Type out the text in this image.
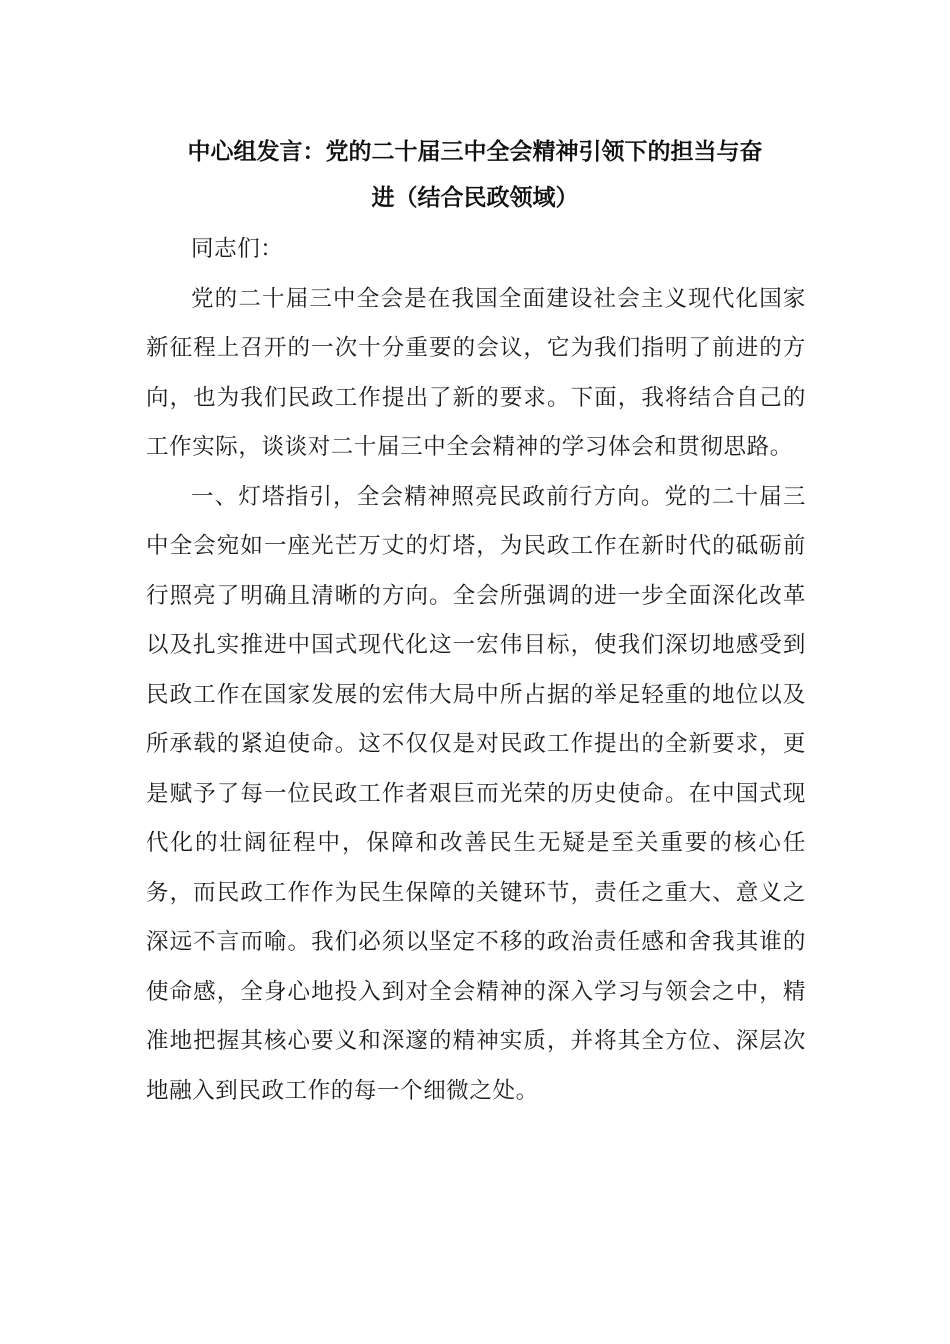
中心组发言：党的二十届三中全会精神引领下的担当与奋
进（结合民政领域）

同志们：

党的二十届三中全会是在我国全面建设社会主义现代化国家新征程上召开的一次十分重要的会议，它为我们指明了前进的方向，也为我们民政工作提出了新的要求。下面，我将结合自己的工作实际，谈谈对二十届三中全会精神的学习体会和贯彻思路。

一、灯塔指引，全会精神照亮民政前行方向。党的二十届三中全会宛如一座光芒万丈的灯塔，为民政工作在新时代的砥砺前行照亮了明确且清晰的方向。全会所强调的进一步全面深化改革以及扎实推进中国式现代化这一宏伟目标，使我们深切地感受到民政工作在国家发展的宏伟大局中所占据的举足轻重的地位以及所承载的紧迫使命。这不仅仅是对民政工作提出的全新要求，更是赋予了每一位民政工作者艰巨而光荣的历史使命。在中国式现代化的壮阔征程中，保障和改善民生无疑是至关重要的核心任务，而民政工作作为民生保障的关键环节，责任之重大、意义之深远不言而喻。我们必须以坚定不移的政治责任感和舍我其谁的使命感，全身心地投入到对全会精神的深入学习与领会之中，精准地把握其核心要义和深邃的精神实质，并将其全方位、深层次地融入到民政工作的每一个细微之处。
